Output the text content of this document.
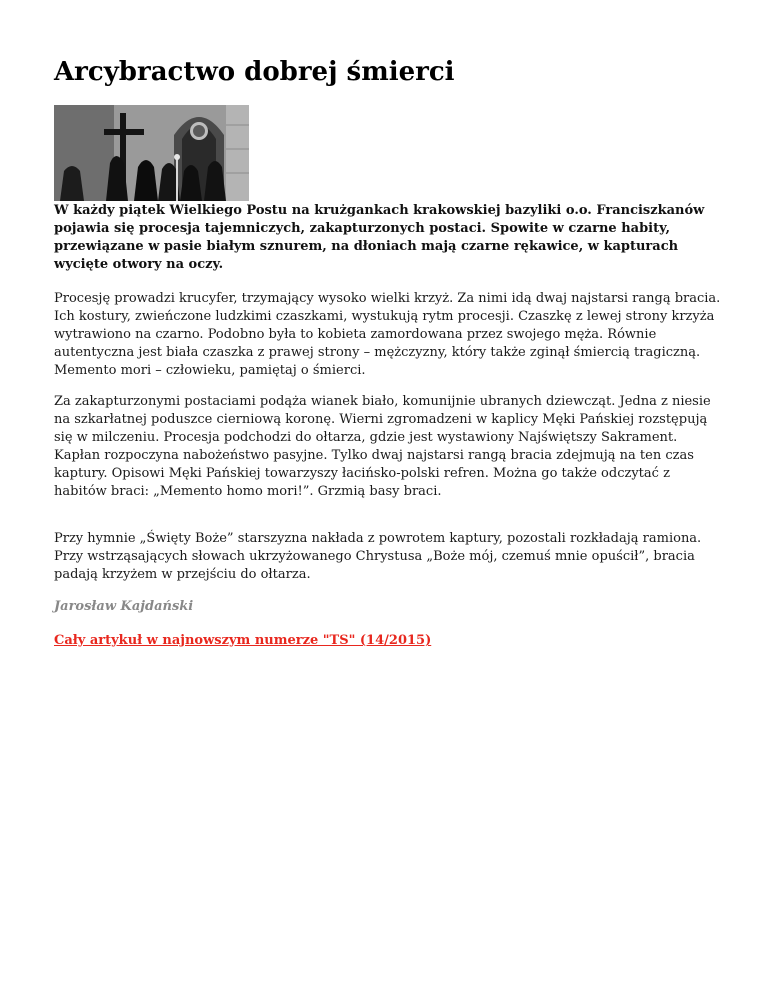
Arcybractwo dobrej śmierci

W każdy piątek Wielkiego Postu na krużgankach krakowskiej bazyliki o.o. Franciszkanów pojawia się procesja tajemniczych, zakapturzonych postaci. Spowite w czarne habity, przewiązane w pasie białym sznurem, na dłoniach mają czarne rękawice, w kapturach wycięte otwory na oczy.

Procesję prowadzi krucyfer, trzymający wysoko wielki krzyż. Za nimi idą dwaj najstarsi rangą bracia. Ich kostury, zwieńczone ludzkimi czaszkami, wystukują rytm procesji. Czaszkę z lewej strony krzyża wytrawiono na czarno. Podobno była to kobieta zamordowana przez swojego męża. Równie autentyczna jest biała czaszka z prawej strony – mężczyzny, który także zginął śmiercią tragiczną. Memento mori – człowieku, pamiętaj o śmierci.

Za zakapturzonymi postaciami podąża wianek biało, komunijnie ubranych dziewcząt. Jedna z niesie na szkarłatnej poduszce cierniową koronę. Wierni zgromadzeni w kaplicy Męki Pańskiej rozstępują się w milczeniu. Procesja podchodzi do ołtarza, gdzie jest wystawiony Najświętszy Sakrament. Kapłan rozpoczyna nabożeństwo pasyjne. Tylko dwaj najstarsi rangą bracia zdejmują na ten czas kaptury. Opisowi Męki Pańskiej towarzyszy łacińsko-polski refren. Można go także odczytać z habitów braci: „Memento homo mori!”. Grzmią basy braci.

Przy hymnie „Święty Boże” starszyzna nakłada z powrotem kaptury, pozostali rozkładają ramiona. Przy wstrząsających słowach ukrzyżowanego Chrystusa „Boże mój, czemuś mnie opuścił”, bracia padają krzyżem w przejściu do ołtarza.

Jarosław Kajdański

Cały artykuł w najnowszym numerze "TS" (14/2015)
